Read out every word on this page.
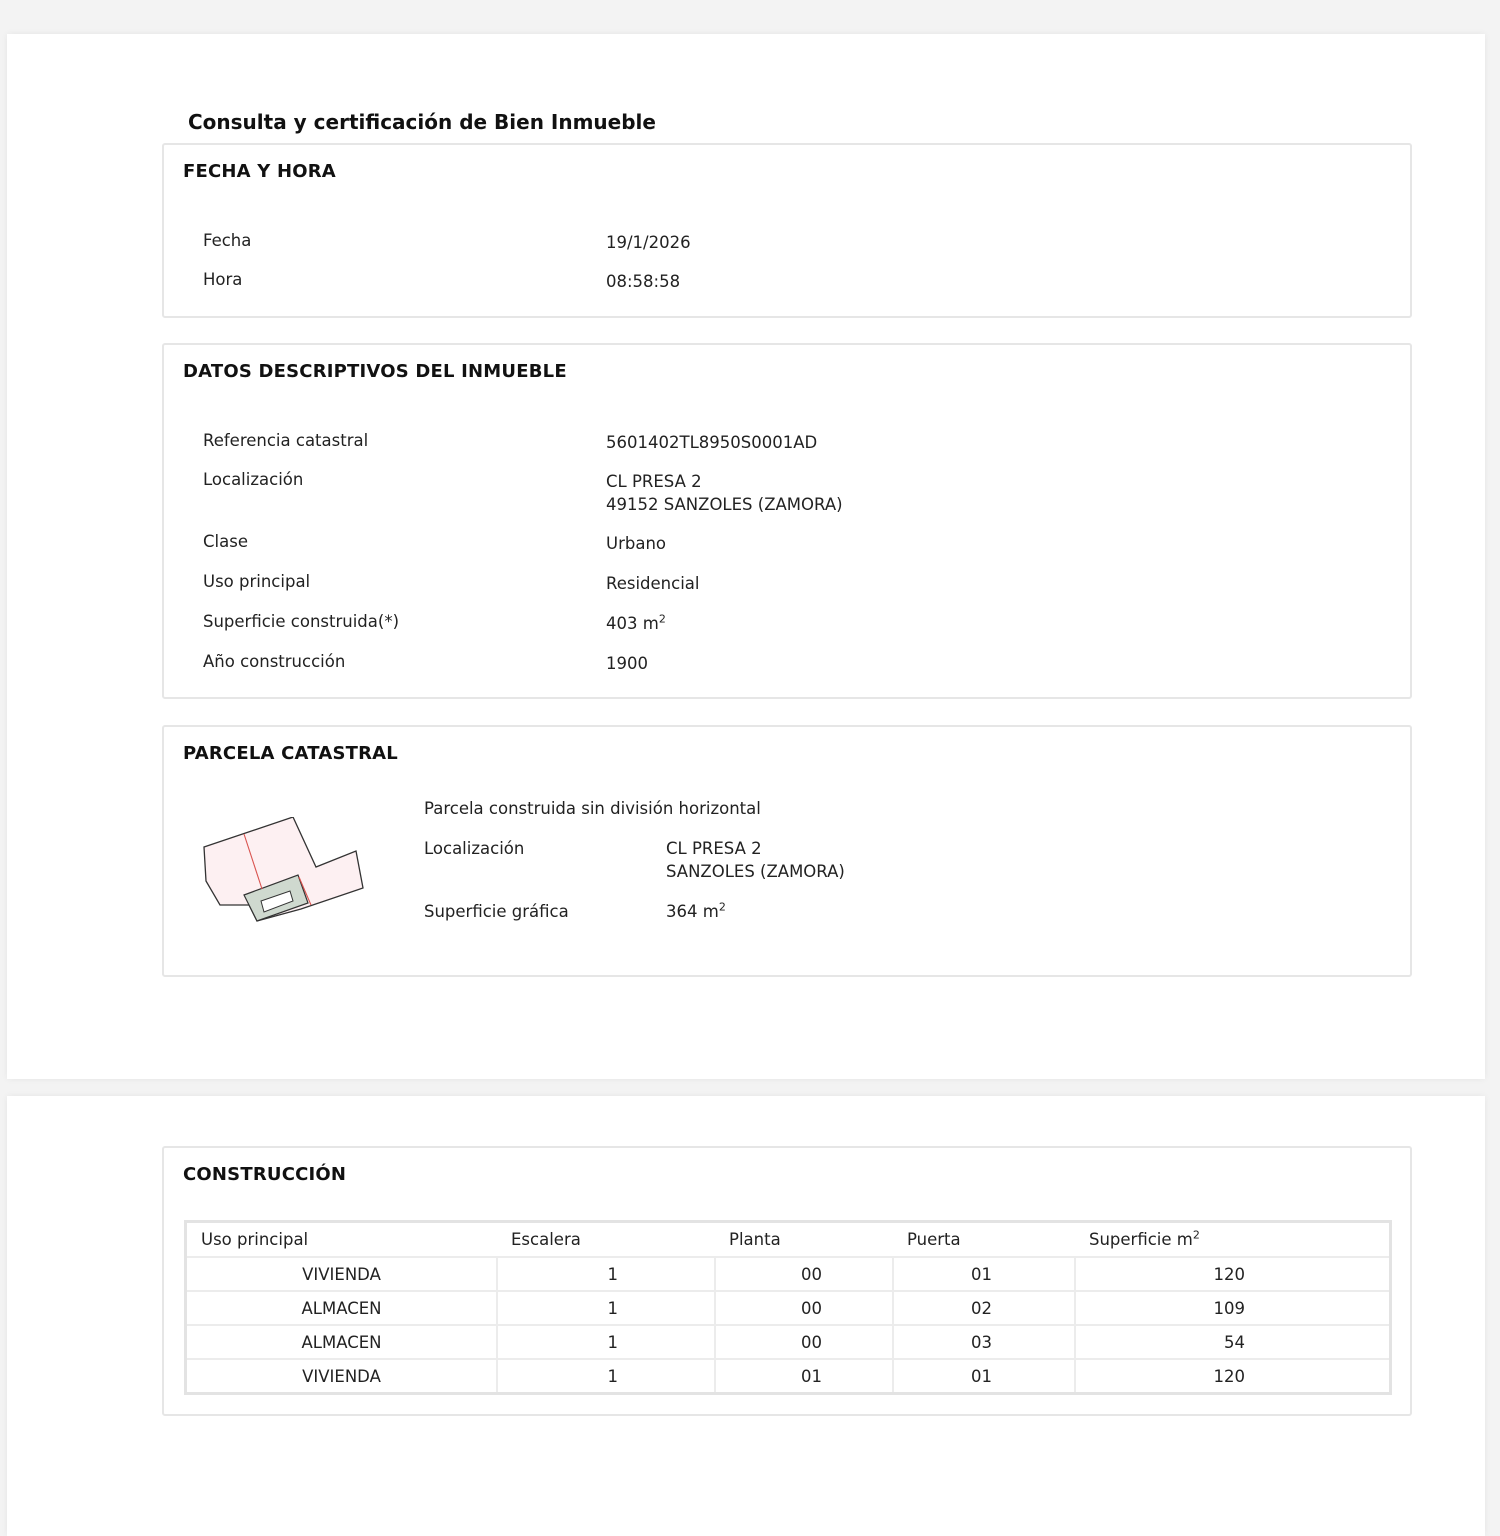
Consulta y certificación de Bien Inmueble
FECHA Y HORA
Fecha	19/1/2026
Hora	08:58:58
DATOS DESCRIPTIVOS DEL INMUEBLE
Referencia catastral	5601402TL8950S0001AD
Localización	CL PRESA 2
49152 SANZOLES (ZAMORA)
Clase	Urbano
Uso principal	Residencial
Superficie construida(*)	403 $m^2$
Año construcción	1900
PARCELA CATASTRAL
Parcela construida sin división horizontal
Localización	CL PRESA 2
SANZOLES (ZAMORA)
Superficie gráfica	364 $m^2$
CONSTRUCCIÓN
Uso principal	Escalera	Planta	Puerta	Superficie $m^2$
VIVIENDA	1	00	01	120
ALMACEN	1	00	02	109
ALMACEN	1	00	03	54
VIVIENDA	1	01	01	120
